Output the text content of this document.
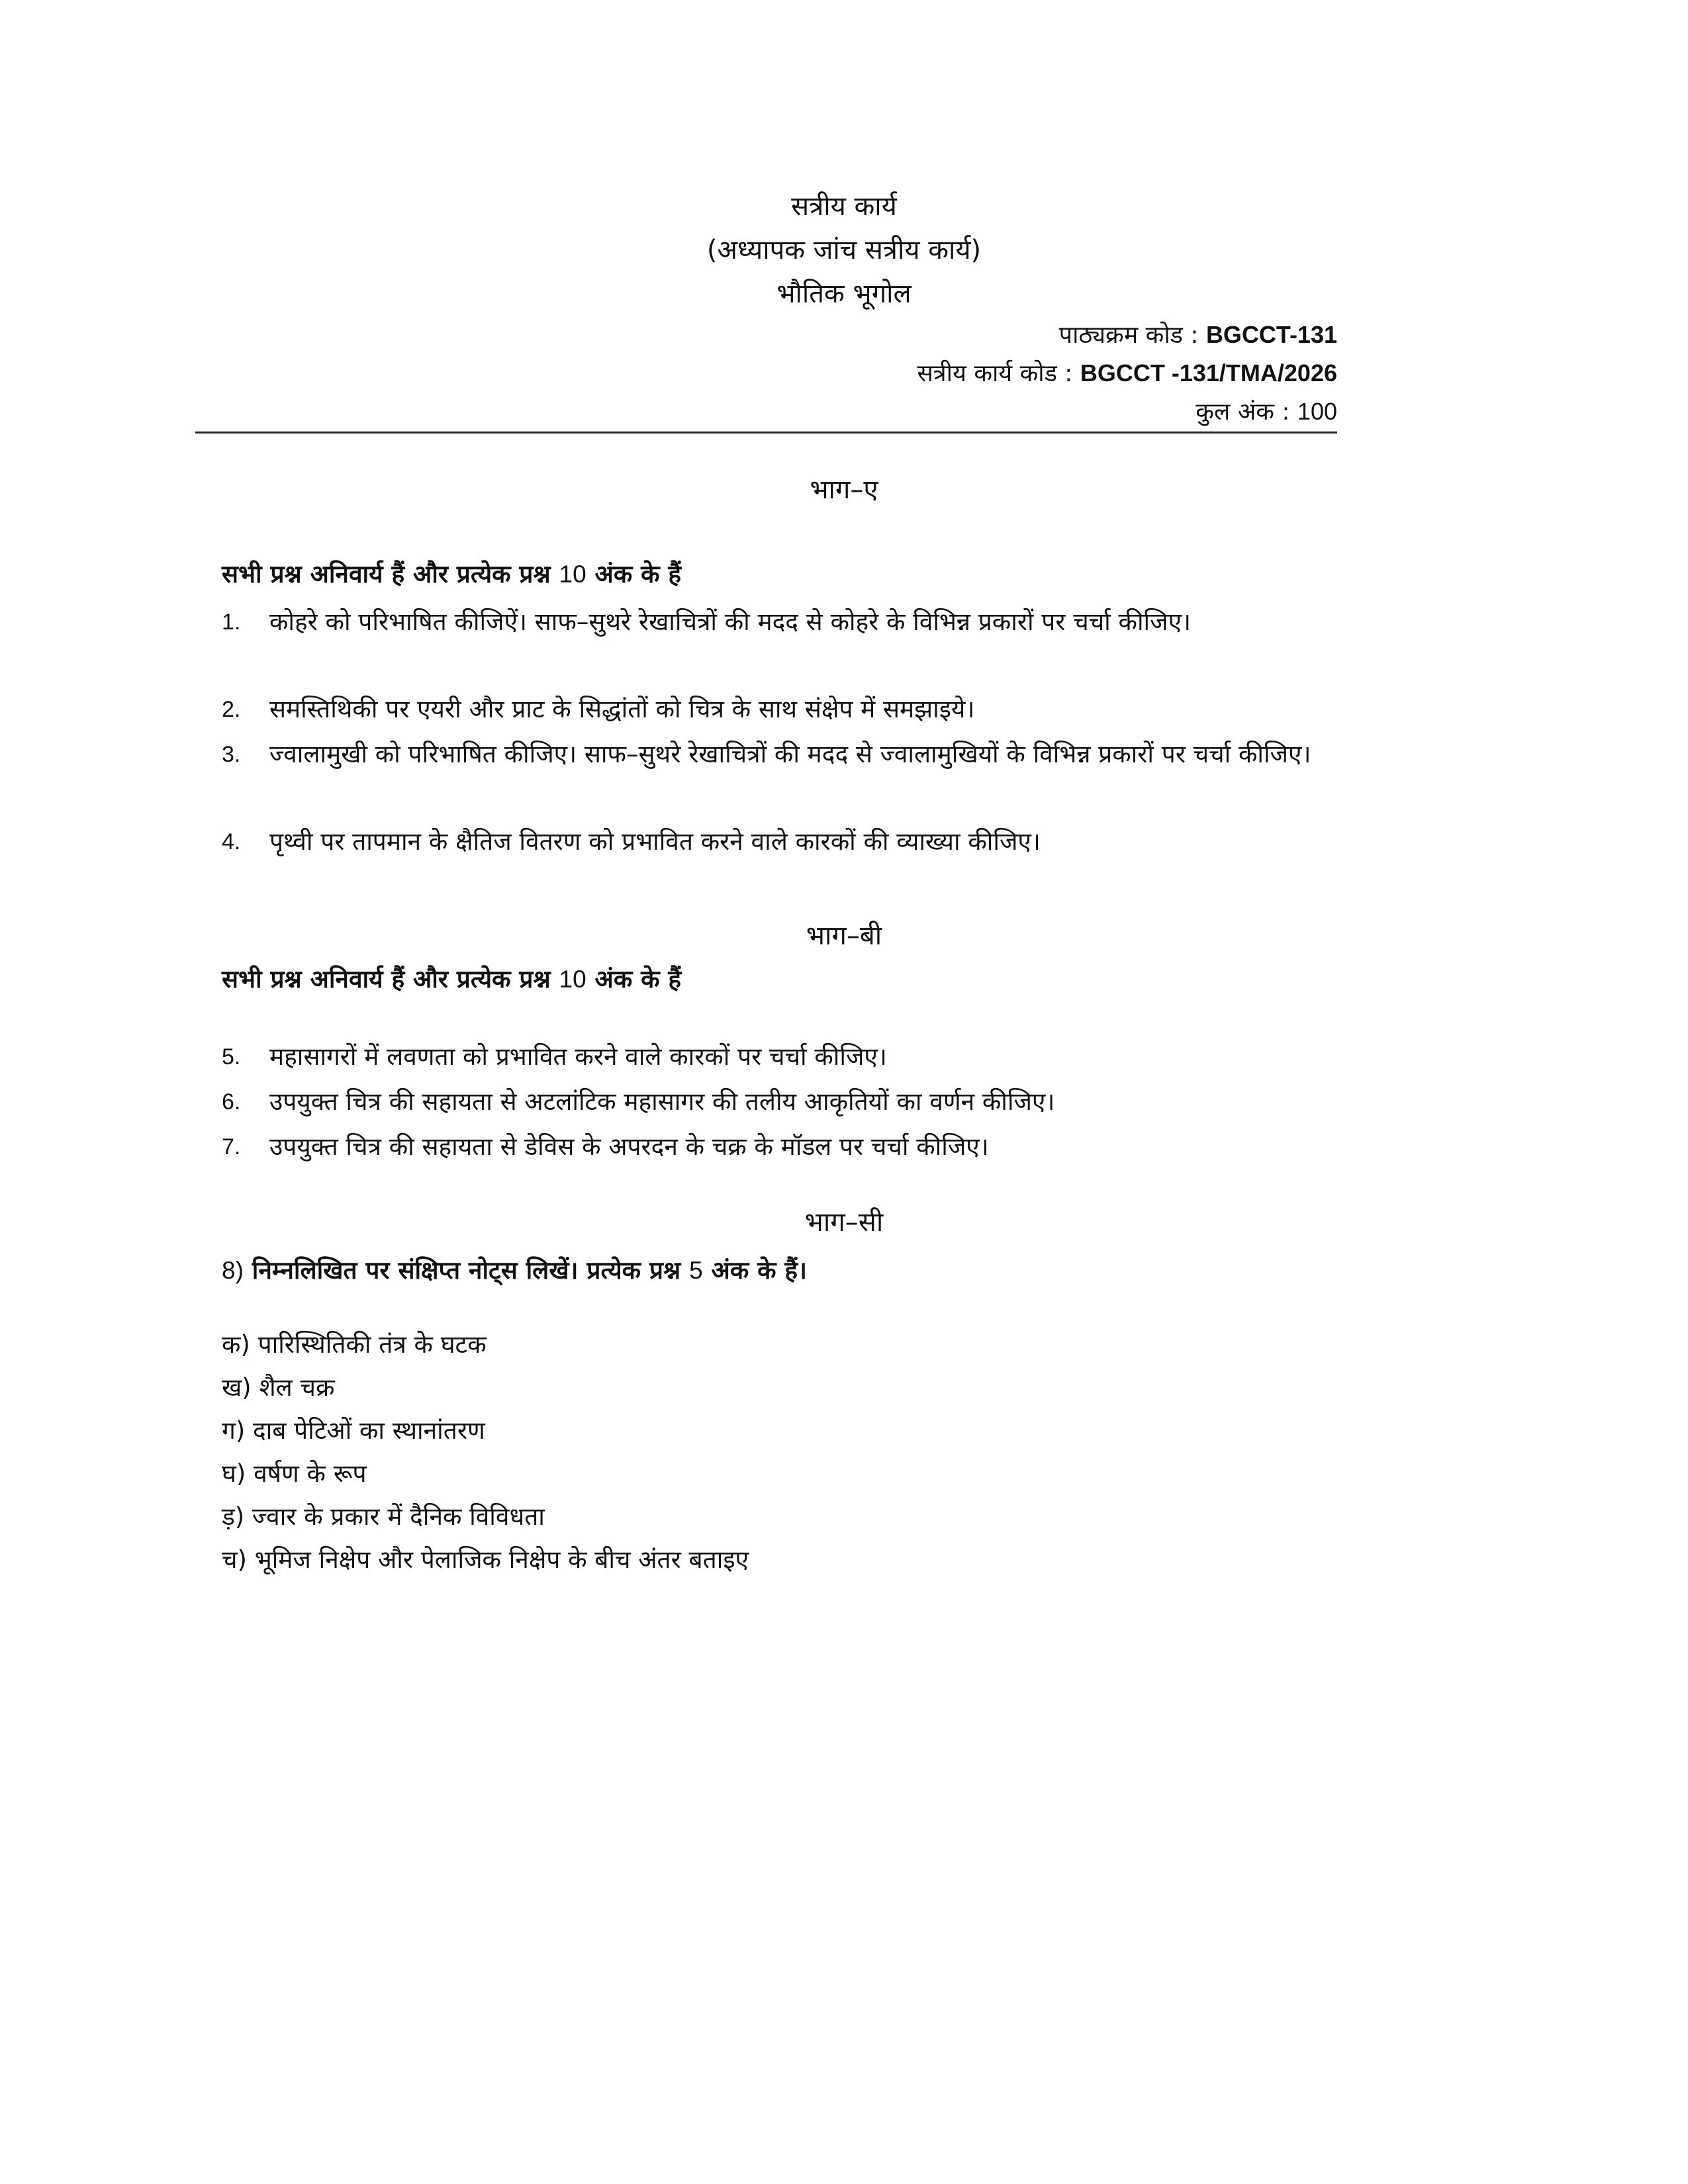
सत्रीय कार्य
(अध्यापक जांच सत्रीय कार्य)
भौतिक भूगोल
पाठ्यक्रम कोड : BGCCT-131
सत्रीय कार्य कोड : BGCCT -131/TMA/2026
कुल अंक : 100
भाग–ए
सभी प्रश्न अनिवार्य हैं और प्रत्येक प्रश्न 10 अंक के हैं
1.	कोहरे को परिभाषित कीजिऐं। साफ–सुथरे रेखाचित्रों की मदद से कोहरे के विभिन्न प्रकारों पर चर्चा कीजिए।
2.	समस्तिथिकी पर एयरी और प्राट के सिद्धांतों को चित्र के साथ संक्षेप में समझाइये।
3.	ज्वालामुखी को परिभाषित कीजिए। साफ–सुथरे रेखाचित्रों की मदद से ज्वालामुखियों के विभिन्न प्रकारों पर चर्चा कीजिए।
4.	पृथ्वी पर तापमान के क्षैतिज वितरण को प्रभावित करने वाले कारकों की व्याख्या कीजिए।
भाग–बी
सभी प्रश्न अनिवार्य हैं और प्रत्येक प्रश्न 10 अंक के हैं
5.	महासागरों में लवणता को प्रभावित करने वाले कारकों पर चर्चा कीजिए।
6.	उपयुक्त चित्र की सहायता से अटलांटिक महासागर की तलीय आकृतियों का वर्णन कीजिए।
7.	उपयुक्त चित्र की सहायता से डेविस के अपरदन के चक्र के मॉडल पर चर्चा कीजिए।
भाग–सी
8) निम्नलिखित पर संक्षिप्त नोट्स लिखें। प्रत्येक प्रश्न 5 अंक के हैं।
क) पारिस्थितिकी तंत्र के घटक
ख) शैल चक्र
ग) दाब पेटिओं का स्थानांतरण
घ) वर्षण के रूप
ड़) ज्वार के प्रकार में दैनिक विविधता
च) भूमिज निक्षेप और पेलाजिक निक्षेप के बीच अंतर बताइए
